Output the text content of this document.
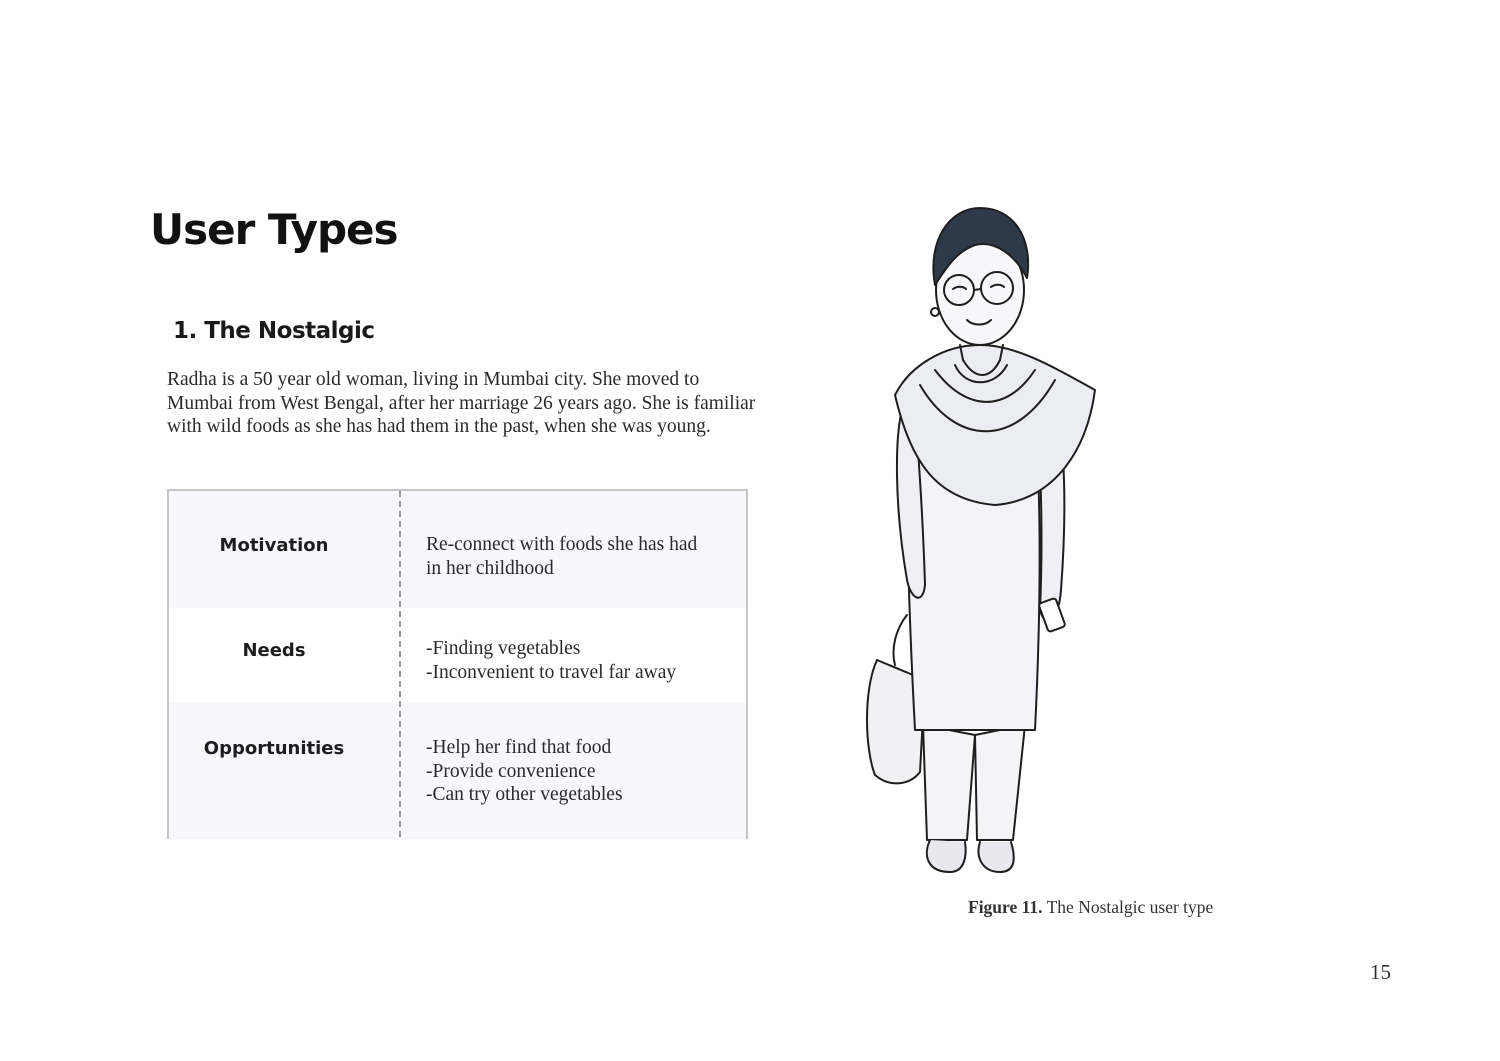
User Types
1. The Nostalgic

Radha is a 50 year old woman, living in Mumbai city. She moved to Mumbai from West Bengal, after her marriage 26 years ago. She is familiar with wild foods as she has had them in the past, when she was young.

Motivation	Re-connect with foods she has had
in her childhood
Needs	-Finding vegetables
-Inconvenient to travel far away
Opportunities	-Help her find that food
-Provide convenience
-Can try other vegetables

Figure 11. The Nostalgic user type

15
